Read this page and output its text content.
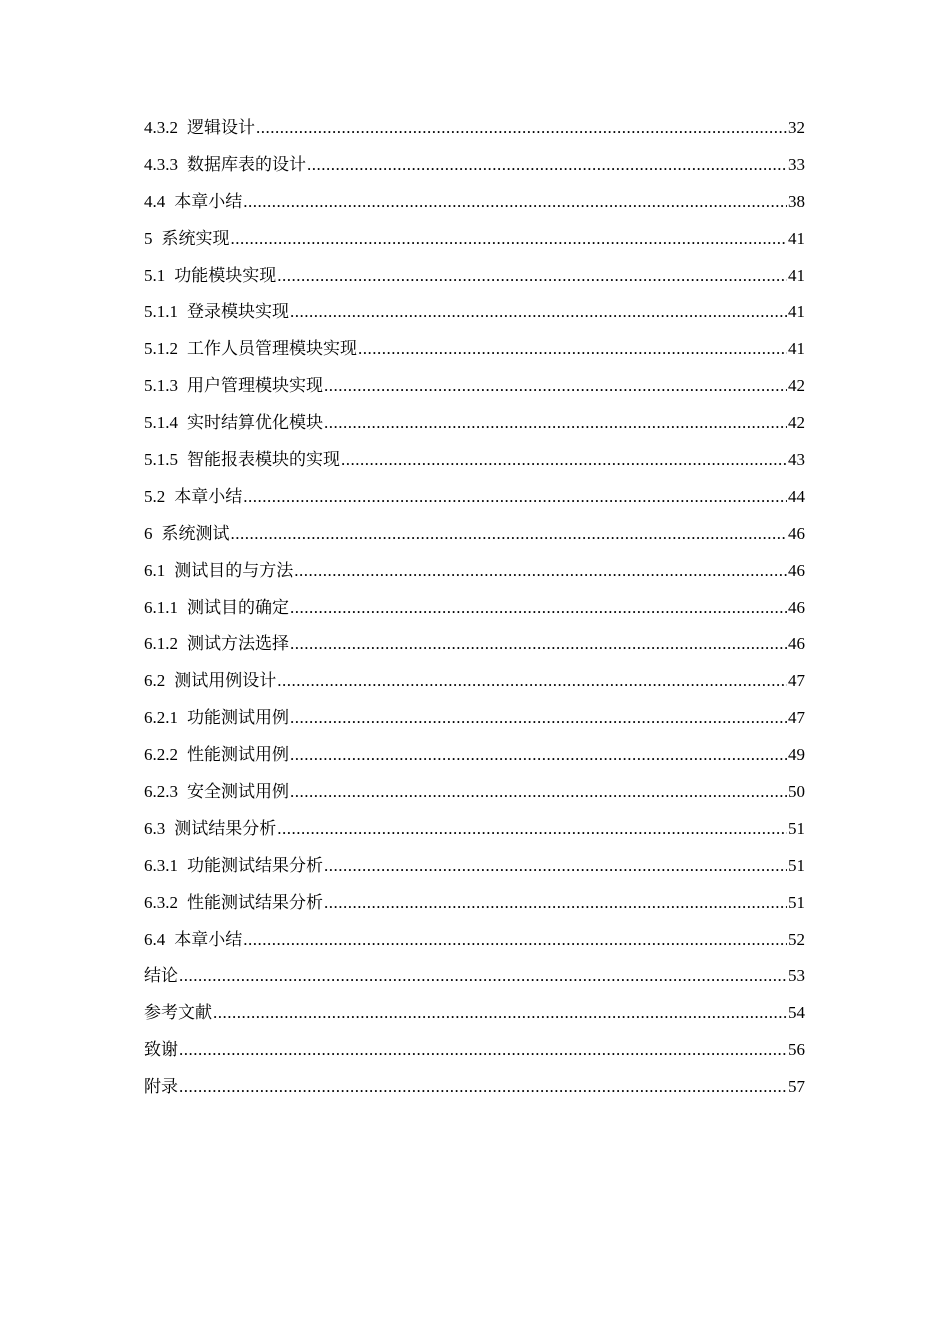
4.3.2 逻辑设计 .....	32
4.3.3 数据库表的设计 .....	33
4.4 本章小结 .....	38
5 系统实现 .....	41
5.1 功能模块实现 .....	41
5.1.1 登录模块实现 .....	41
5.1.2 工作人员管理模块实现 .....	41
5.1.3 用户管理模块实现 .....	42
5.1.4 实时结算优化模块 .....	42
5.1.5 智能报表模块的实现 .....	43
5.2 本章小结 .....	44
6 系统测试 .....	46
6.1 测试目的与方法 .....	46
6.1.1 测试目的确定 .....	46
6.1.2 测试方法选择 .....	46
6.2 测试用例设计 .....	47
6.2.1 功能测试用例 .....	47
6.2.2 性能测试用例 .....	49
6.2.3 安全测试用例 .....	50
6.3 测试结果分析 .....	51
6.3.1 功能测试结果分析 .....	51
6.3.2 性能测试结果分析 .....	51
6.4 本章小结 .....	52
结论 .....	53
参考文献 .....	54
致谢 .....	56
附录 .....	57
